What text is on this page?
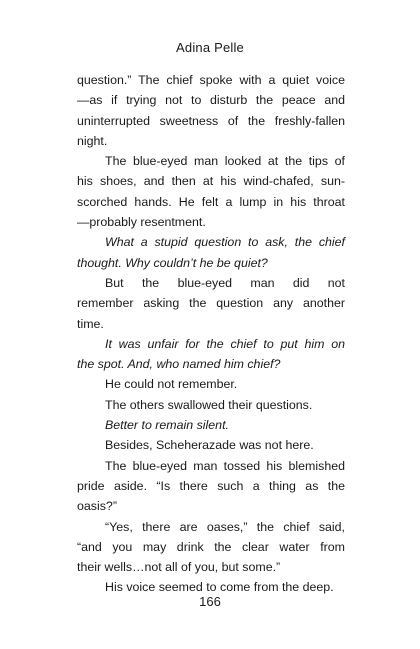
Adina Pelle
question.” The chief spoke with a quiet voice
—as if trying not to disturb the peace and
uninterrupted sweetness of the freshly-fallen
night.
The blue-eyed man looked at the tips of
his shoes, and then at his wind-chafed, sun-
scorched hands. He felt a lump in his throat
—probably resentment.
What a stupid question to ask, the chief
thought. Why couldn’t he be quiet?
But the blue-eyed man did not
remember asking the question any another
time.
It was unfair for the chief to put him on
the spot. And, who named him chief?
He could not remember.
The others swallowed their questions.
Better to remain silent.
Besides, Scheherazade was not here.
The blue-eyed man tossed his blemished
pride aside. “Is there such a thing as the
oasis?”
“Yes, there are oases,” the chief said,
“and you may drink the clear water from
their wells…not all of you, but some.”
His voice seemed to come from the deep.
166
